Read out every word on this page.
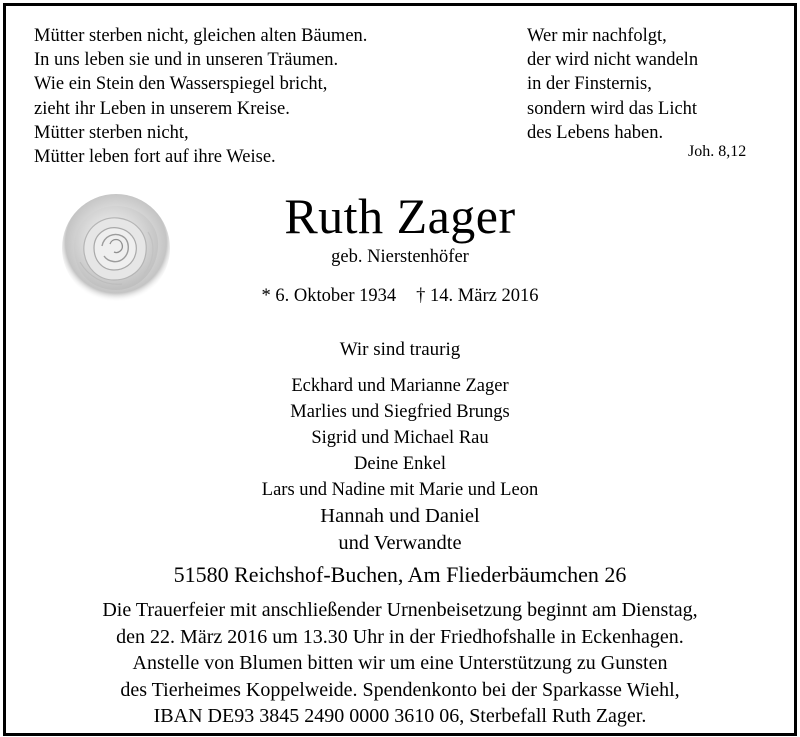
Mütter sterben nicht, gleichen alten Bäumen.
In uns leben sie und in unseren Träumen.
Wie ein Stein den Wasserspiegel bricht,
zieht ihr Leben in unserem Kreise.
Mütter sterben nicht,
Mütter leben fort auf ihre Weise.
Wer mir nachfolgt,
der wird nicht wandeln
in der Finsternis,
sondern wird das Licht
des Lebens haben.
Joh. 8,12
Ruth Zager
geb. Nierstenhöfer
* 6. Oktober 1934 † 14. März 2016
Wir sind traurig
Eckhard und Marianne Zager
Marlies und Siegfried Brungs
Sigrid und Michael Rau
Deine Enkel
Lars und Nadine mit Marie und Leon
Hannah und Daniel
und Verwandte
51580 Reichshof-Buchen, Am Fliederbäumchen 26
Die Trauerfeier mit anschließender Urnenbeisetzung beginnt am Dienstag,
den 22. März 2016 um 13.30 Uhr in der Friedhofshalle in Eckenhagen.
Anstelle von Blumen bitten wir um eine Unterstützung zu Gunsten
des Tierheimes Koppelweide. Spendenkonto bei der Sparkasse Wiehl,
IBAN DE93 3845 2490 0000 3610 06, Sterbefall Ruth Zager.
